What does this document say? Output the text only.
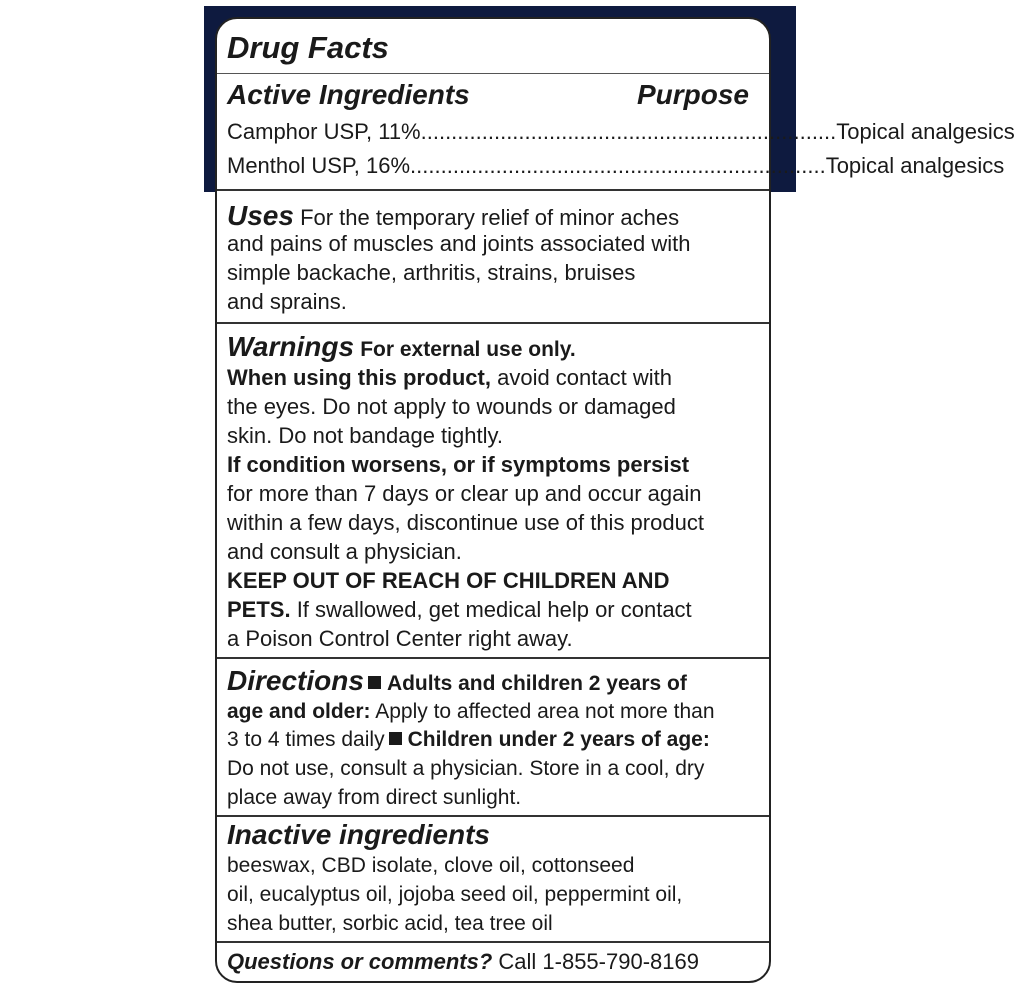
Drug Facts
Active Ingredients	Purpose
Camphor USP, 11% .................................................................... Topical analgesics
Menthol USP, 16% .................................................................... Topical analgesics
Uses For the temporary relief of minor aches
and pains of muscles and joints associated with
simple backache, arthritis, strains, bruises
and sprains.
Warnings For external use only.
When using this product, avoid contact with
the eyes. Do not apply to wounds or damaged
skin. Do not bandage tightly.
If condition worsens, or if symptoms persist
for more than 7 days or clear up and occur again
within a few days, discontinue use of this product
and consult a physician.
KEEP OUT OF REACH OF CHILDREN AND
PETS. If swallowed, get medical help or contact
a Poison Control Center right away.
Directions Adults and children 2 years of
age and older: Apply to affected area not more than
3 to 4 times daily Children under 2 years of age:
Do not use, consult a physician. Store in a cool, dry
place away from direct sunlight.
Inactive ingredients
beeswax, CBD isolate, clove oil, cottonseed
oil, eucalyptus oil, jojoba seed oil, peppermint oil,
shea butter, sorbic acid, tea tree oil
Questions or comments? Call 1-855-790-8169
